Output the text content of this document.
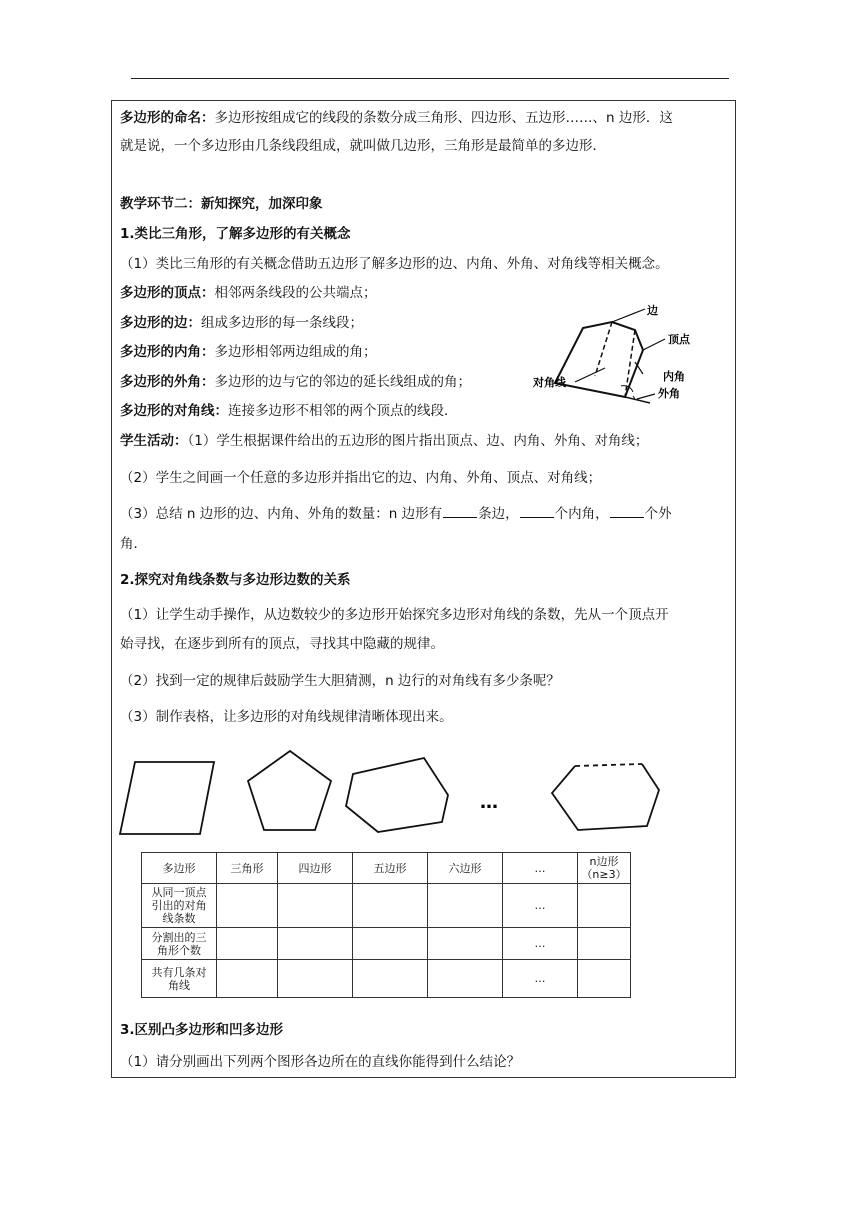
多边形的命名：多边形按组成它的线段的条数分成三角形、四边形、五边形……、n 边形．这
就是说，一个多边形由几条线段组成，就叫做几边形，三角形是最简单的多边形．
教学环节二：新知探究，加深印象
1.类比三角形，了解多边形的有关概念
（1）类比三角形的有关概念借助五边形了解多边形的边、内角、外角、对角线等相关概念。
多边形的顶点：相邻两条线段的公共端点；
多边形的边：组成多边形的每一条线段；
多边形的内角：多边形相邻两边组成的角；
多边形的外角：多边形的边与它的邻边的延长线组成的角；
多边形的对角线：连接多边形不相邻的两个顶点的线段．
边
顶点
对角线	内角
外角
学生活动：（1）学生根据课件给出的五边形的图片指出顶点、边、内角、外角、对角线；
（2）学生之间画一个任意的多边形并指出它的边、内角、外角、顶点、对角线；
（3）总结 n 边形的边、内角、外角的数量：n 边形有	条边，	个内角，	个外
角．
2.探究对角线条数与多边形边数的关系
（1）让学生动手操作，从边数较少的多边形开始探究多边形对角线的条数，先从一个顶点开
始寻找，在逐步到所有的顶点，寻找其中隐藏的规律。
（2）找到一定的规律后鼓励学生大胆猜测，n 边行的对角线有多少条呢？
（3）制作表格，让多边形的对角线规律清晰体现出来。
…
多边形	三角形	四边形	五边形	六边形	…	n边形（n≥3）

从同一顶点
引出的对角
线条数					…	

分割出的三
角形个数					…	

共有几条对
角线					…	
3.区别凸多边形和凹多边形
（1）请分别画出下列两个图形各边所在的直线你能得到什么结论？
